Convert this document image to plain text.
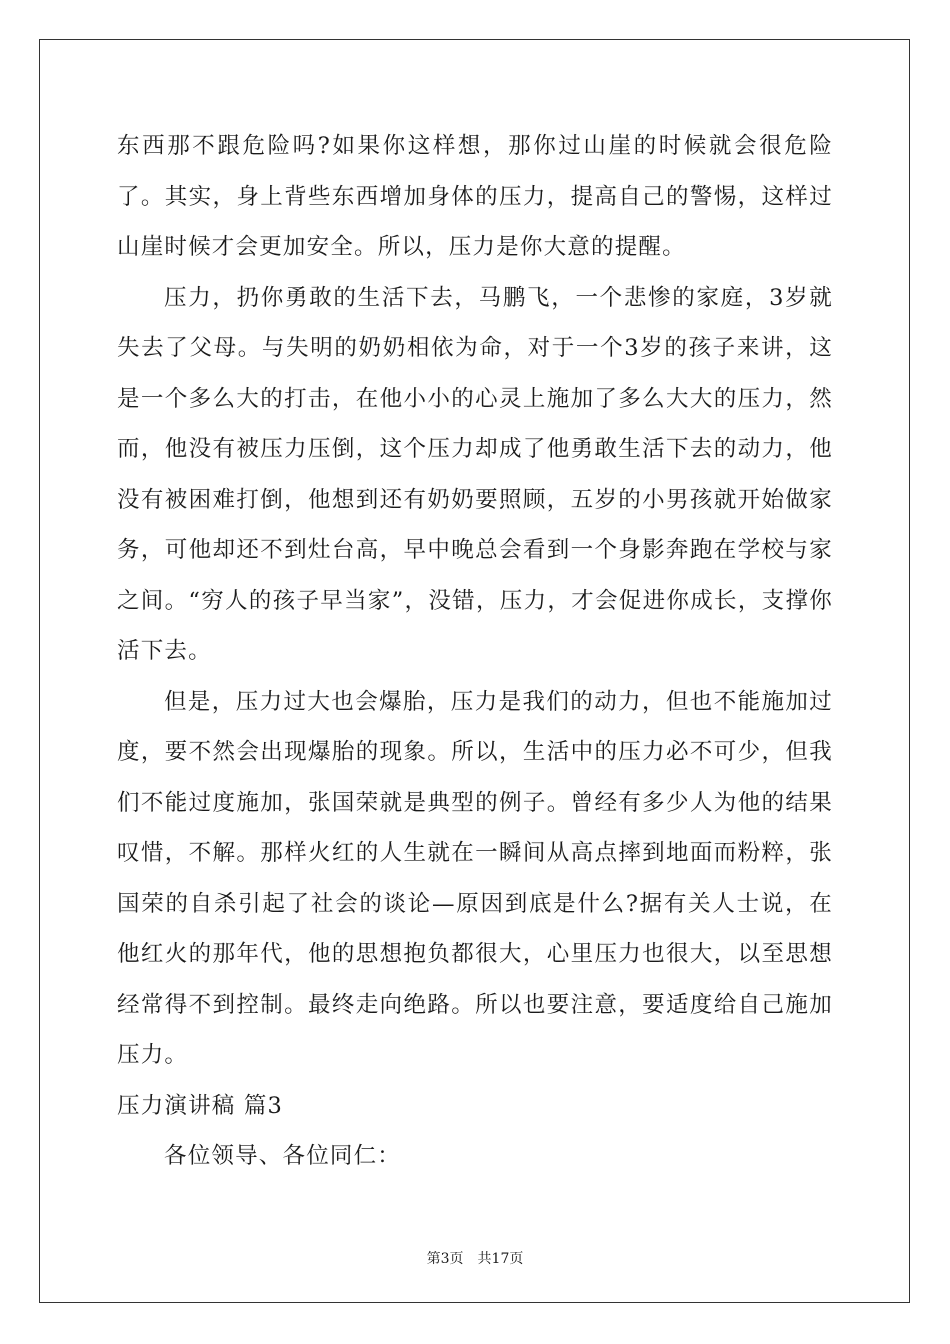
东西那不跟危险吗?如果你这样想，那你过山崖的时候就会很危险了。其实，身上背些东西增加身体的压力，提高自己的警惕，这样过山崖时候才会更加安全。所以，压力是你大意的提醒。

压力，扔你勇敢的生活下去，马鹏飞，一个悲惨的家庭，3岁就失去了父母。与失明的奶奶相依为命，对于一个3岁的孩子来讲，这是一个多么大的打击，在他小小的心灵上施加了多么大大的压力，然而，他没有被压力压倒，这个压力却成了他勇敢生活下去的动力，他没有被困难打倒，他想到还有奶奶要照顾，五岁的小男孩就开始做家务，可他却还不到灶台高，早中晚总会看到一个身影奔跑在学校与家之间。“穷人的孩子早当家”，没错，压力，才会促进你成长，支撑你活下去。

但是，压力过大也会爆胎，压力是我们的动力，但也不能施加过度，要不然会出现爆胎的现象。所以，生活中的压力必不可少，但我们不能过度施加，张国荣就是典型的例子。曾经有多少人为他的结果叹惜，不解。那样火红的人生就在一瞬间从高点摔到地面而粉粹，张国荣的自杀引起了社会的谈论—原因到底是什么?据有关人士说，在他红火的那年代，他的思想抱负都很大，心里压力也很大，以至思想经常得不到控制。最终走向绝路。所以也要注意，要适度给自己施加压力。

压力演讲稿 篇3

各位领导、各位同仁：

第3页 共17页
